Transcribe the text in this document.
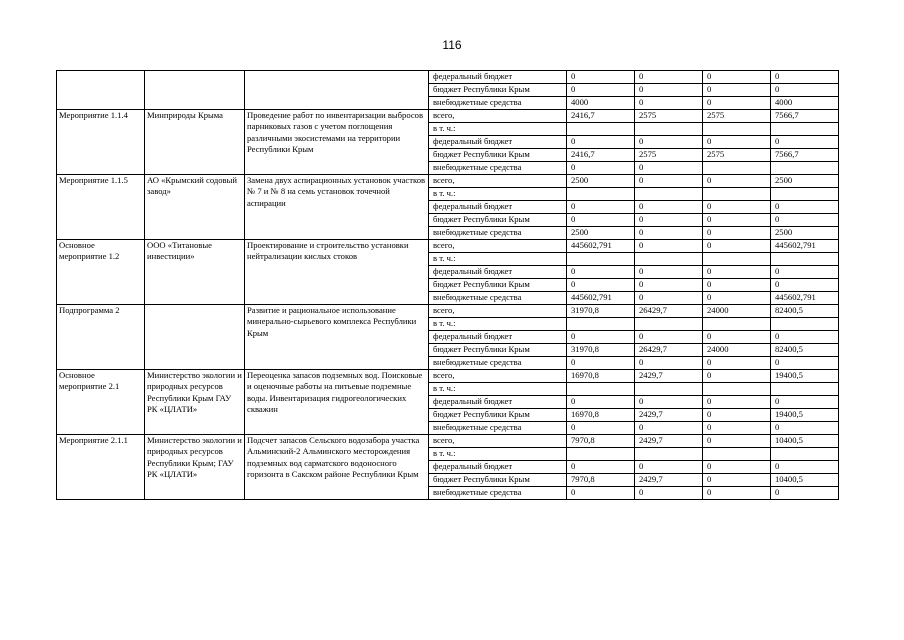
116
			федеральный бюджет	0	0	0	0
			бюджет Республики Крым	0	0	0	0
			внебюджетные средства	4000	0	0	4000
Мероприятие 1.1.4	Минприроды Крыма	Проведение работ по инвентаризации выбросов парниковых газов с учетом поглощения различными экосистемами на территории Республики Крым	всего,	2416,7	2575	2575	7566,7
			в т. ч.:				
			федеральный бюджет	0	0	0	0
			бюджет Республики Крым	2416,7	2575	2575	7566,7
			внебюджетные средства	0	0		
Мероприятие 1.1.5	АО «Крымский содовый завод»	Замена двух аспирационных установок участков № 7 и № 8 на семь установок точечной аспирации	всего,	2500	0	0	2500
			в т. ч.:				
			федеральный бюджет	0	0	0	0
			бюджет Республики Крым	0	0	0	0
			внебюджетные средства	2500	0	0	2500
Основное мероприятие 1.2	ООО «Титановые инвестиции»	Проектирование и строительство установки нейтрализации кислых стоков	всего,	445602,791	0	0	445602,791
			в т. ч.:				
			федеральный бюджет	0	0	0	0
			бюджет Республики Крым	0	0	0	0
			внебюджетные средства	445602,791	0	0	445602,791
Подпрограмма 2		Развитие и рациональное использование минерально-сырьевого комплекса Республики Крым	всего,	31970,8	26429,7	24000	82400,5
			в т. ч.:				
			федеральный бюджет	0	0	0	0
			бюджет Республики Крым	31970,8	26429,7	24000	82400,5
			внебюджетные средства	0	0	0	0
Основное мероприятие 2.1	Министерство экологии и природных ресурсов Республики Крым ГАУ РК «ЦЛАТИ»	Переоценка запасов подземных вод. Поисковые и оценочные работы на питьевые подземные воды. Инвентаризация гидрогеологических скважин	всего,	16970,8	2429,7	0	19400,5
			в т. ч.:				
			федеральный бюджет	0	0	0	0
			бюджет Республики Крым	16970,8	2429,7	0	19400,5
			внебюджетные средства	0	0	0	0
Мероприятие 2.1.1	Министерство экологии и природных ресурсов Республики Крым; ГАУ РК «ЦЛАТИ»	Подсчет запасов Сельского водозабора участка Альминский-2 Альминского месторождения подземных вод сарматского водоносного горизонта в Сакском районе Республики Крым	всего,	7970,8	2429,7	0	10400,5
			в т. ч.:				
			федеральный бюджет	0	0	0	0
			бюджет Республики Крым	7970,8	2429,7	0	10400,5
			внебюджетные средства	0	0	0	0
